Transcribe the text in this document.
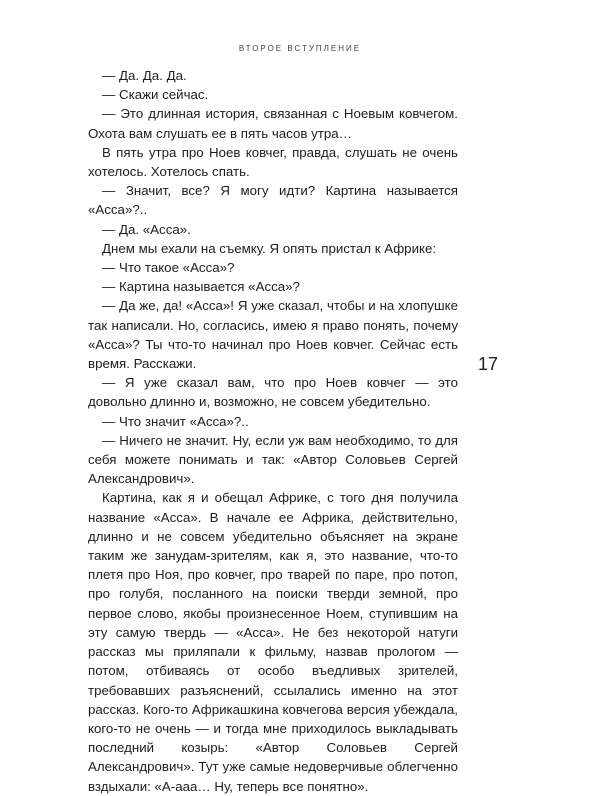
ВТОРОЕ ВСТУПЛЕНИЕ

— Да. Да. Да.

— Скажи сейчас.

— Это длинная история, связанная с Ноевым ковчегом. Охота вам слушать ее в пять часов утра…

В пять утра про Ноев ковчег, правда, слушать не очень хотелось. Хотелось спать.

— Значит, все? Я могу идти? Картина называется «Асса»?..

— Да. «Асса».

Днем мы ехали на съемку. Я опять пристал к Африке:

— Что такое «Асса»?

— Картина называется «Асса»?

— Да же, да! «Асса»! Я уже сказал, чтобы и на хлопушке так написали. Но, согласись, имею я право понять, почему «Асса»? Ты что-то начинал про Ноев ковчег. Сейчас есть время. Расскажи.

— Я уже сказал вам, что про Ноев ковчег — это довольно длинно и, возможно, не совсем убедительно.

— Что значит «Асса»?..

— Ничего не значит. Ну, если уж вам необходимо, то для себя можете понимать и так: «Автор Соловьев Сергей Александрович».

Картина, как я и обещал Африке, с того дня получила название «Асса». В начале ее Африка, действительно, длинно и не совсем убедительно объясняет на экране таким же занудам-зрителям, как я, это название, что-то плетя про Ноя, про ковчег, про тварей по паре, про потоп, про голубя, посланного на поиски тверди земной, про первое слово, якобы произнесенное Ноем, ступившим на эту самую твердь — «Асса». Не без некоторой натуги рассказ мы приляпали к фильму, назвав прологом — потом, отбиваясь от особо въедливых зрителей, требовавших разъяснений, ссылались именно на этот рассказ. Кого-то Африкашкина ковчегова версия убеждала, кого-то не очень — и тогда мне приходилось выкладывать последний козырь: «Автор Соловьев Сергей Александрович». Тут уже самые недоверчивые облегченно вздыхали: «А-ааа… Ну, теперь все понятно».

17
